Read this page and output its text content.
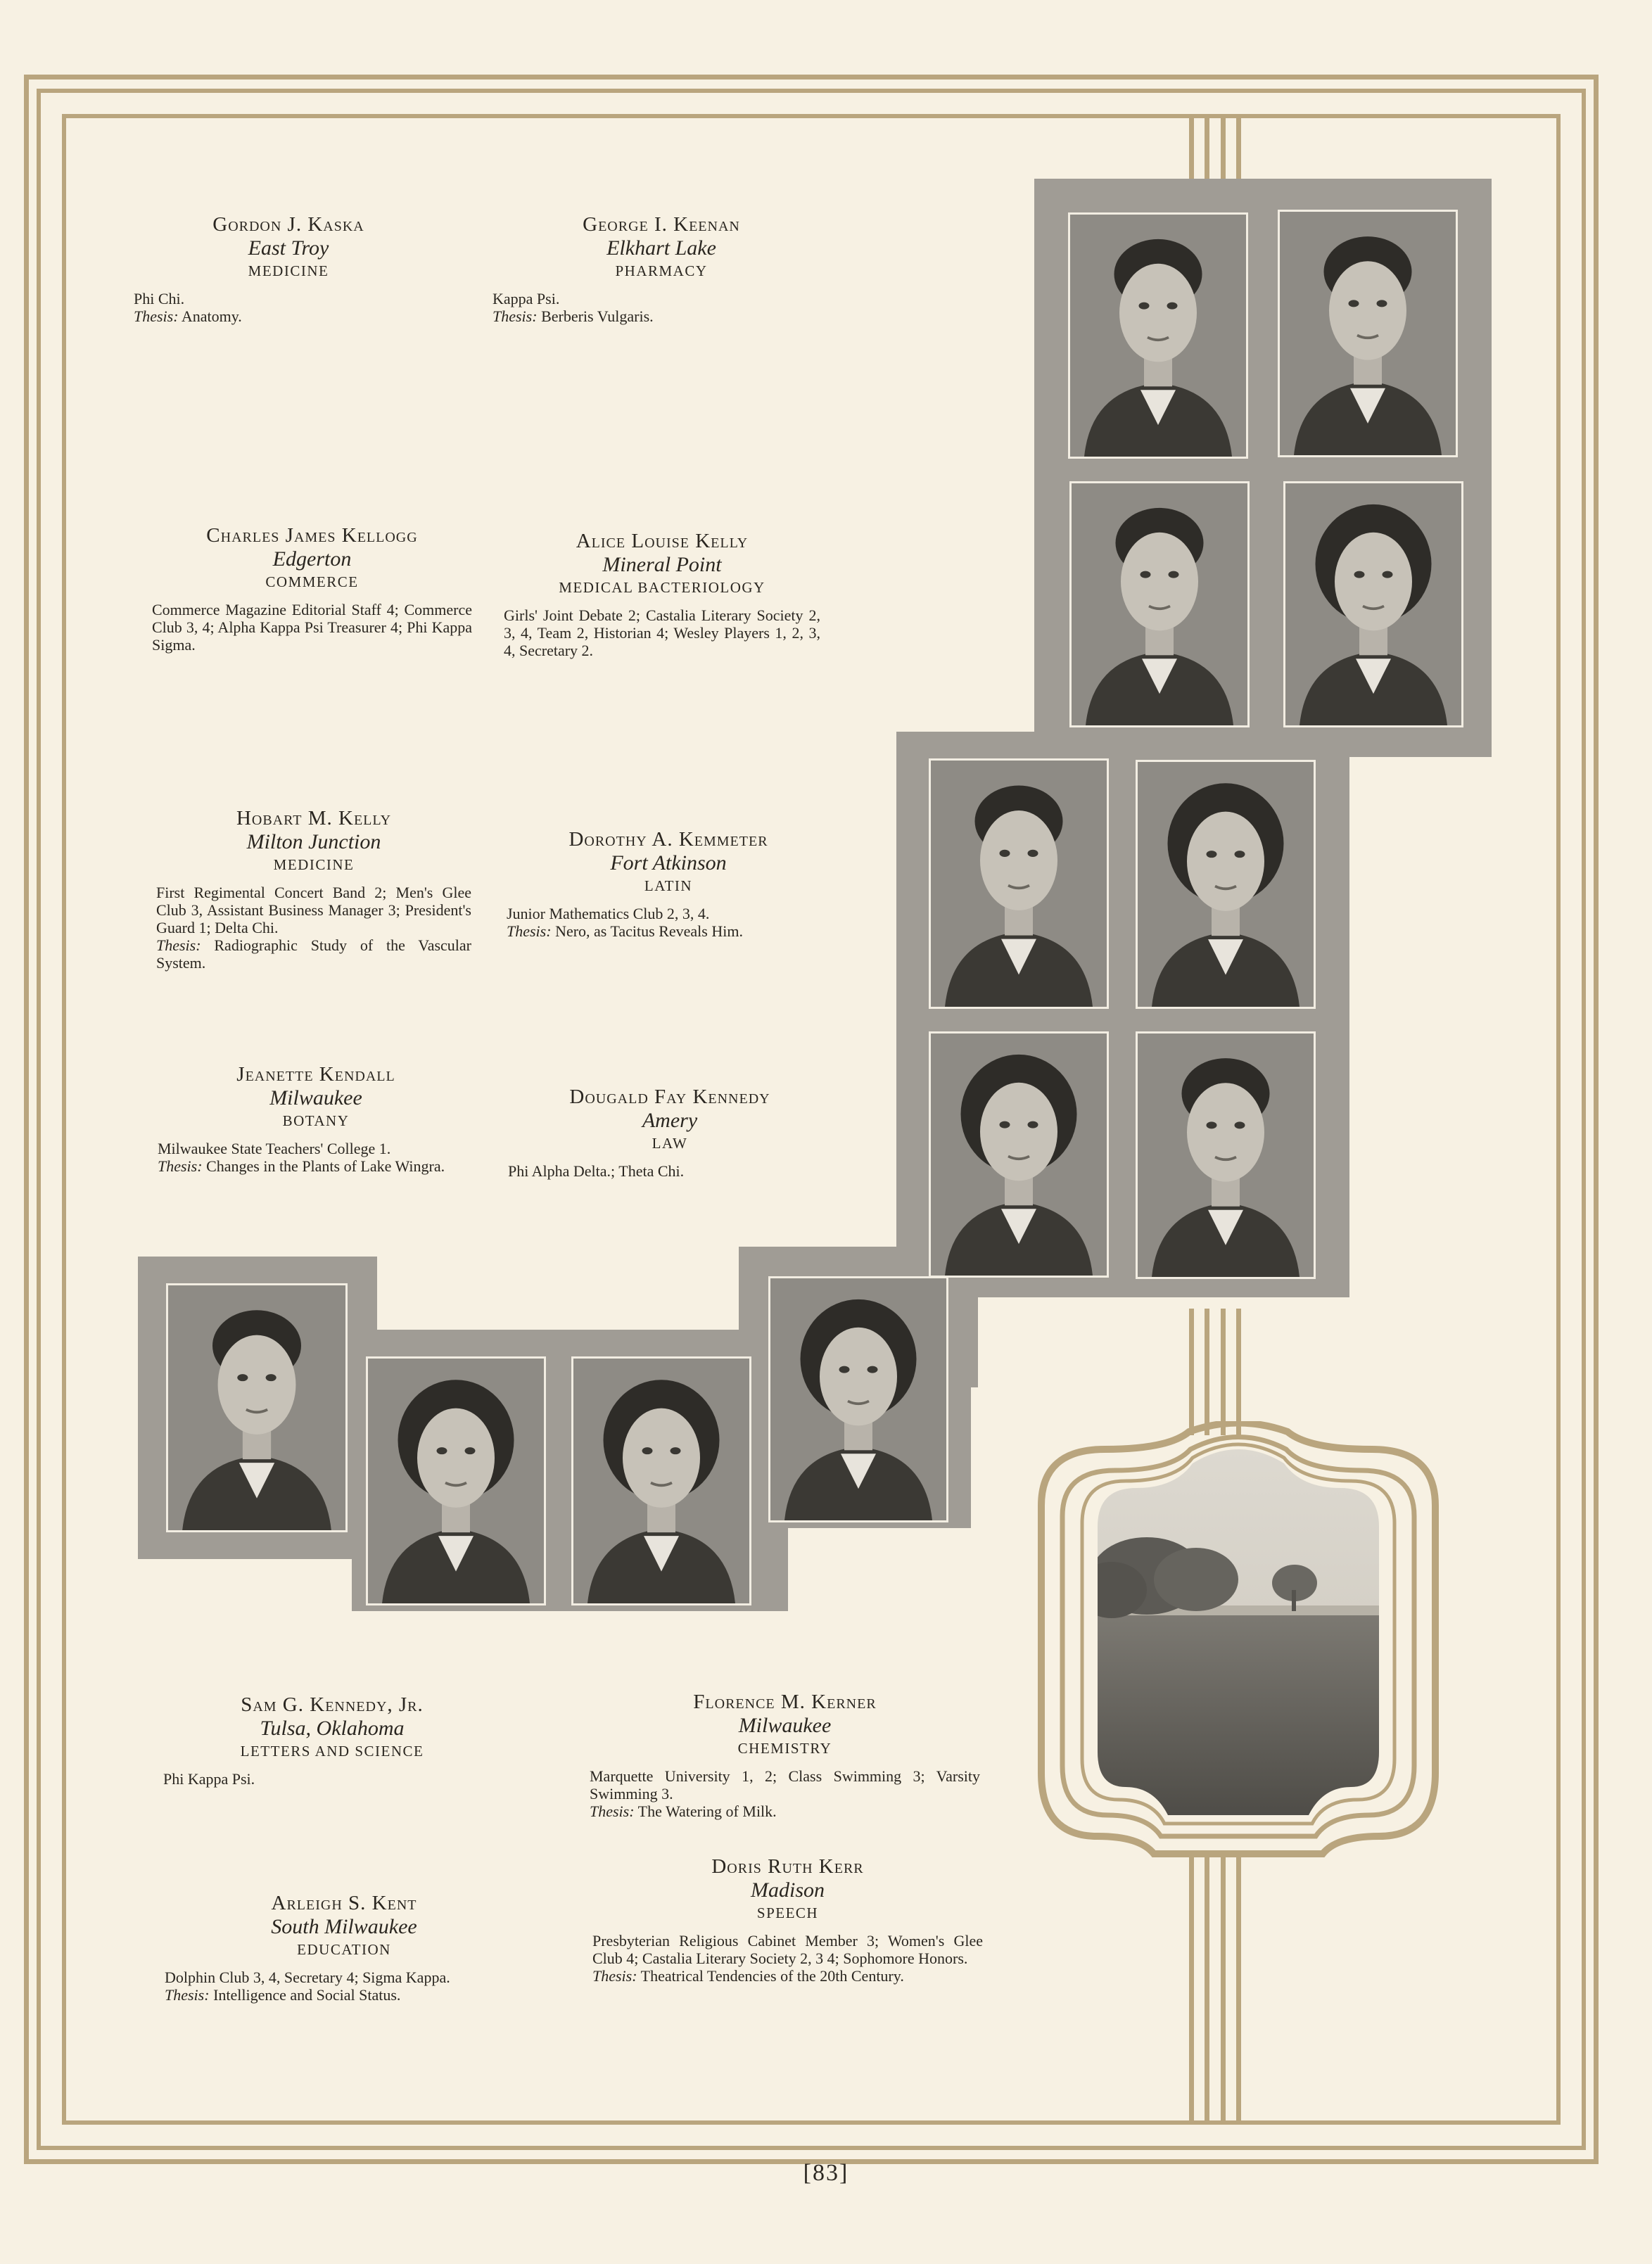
Gordon J. Kaska
East Troy
MEDICINE
Phi Chi.
Thesis: Anatomy.
George I. Keenan
Elkhart Lake
PHARMACY
Kappa Psi.
Thesis: Berberis Vulgaris.
Charles James Kellogg
Edgerton
COMMERCE
Commerce Magazine Editorial Staff 4; Commerce Club 3, 4; Alpha Kappa Psi Treasurer 4; Phi Kappa Sigma.
Alice Louise Kelly
Mineral Point
MEDICAL BACTERIOLOGY
Girls' Joint Debate 2; Castalia Literary Society 2, 3, 4, Team 2, Historian 4; Wesley Players 1, 2, 3, 4, Secretary 2.
Hobart M. Kelly
Milton Junction
MEDICINE
First Regimental Concert Band 2; Men's Glee Club 3, Assistant Business Manager 3; President's Guard 1; Delta Chi.
Thesis: Radiographic Study of the Vascular System.
Dorothy A. Kemmeter
Fort Atkinson
LATIN
Junior Mathematics Club 2, 3, 4.
Thesis: Nero, as Tacitus Reveals Him.
Jeanette Kendall
Milwaukee
BOTANY
Milwaukee State Teachers' College 1.
Thesis: Changes in the Plants of Lake Wingra.
Dougald Fay Kennedy
Amery
LAW
Phi Alpha Delta.; Theta Chi.
Sam G. Kennedy, Jr.
Tulsa, Oklahoma
LETTERS AND SCIENCE
Phi Kappa Psi.
Florence M. Kerner
Milwaukee
CHEMISTRY
Marquette University 1, 2; Class Swimming 3; Varsity Swimming 3.
Thesis: The Watering of Milk.
Arleigh S. Kent
South Milwaukee
EDUCATION
Dolphin Club 3, 4, Secretary 4; Sigma Kappa.
Thesis: Intelligence and Social Status.
Doris Ruth Kerr
Madison
SPEECH
Presbyterian Religious Cabinet Member 3; Women's Glee Club 4; Castalia Literary Society 2, 3 4; Sophomore Honors.
Thesis: Theatrical Tendencies of the 20th Century.
[83]
